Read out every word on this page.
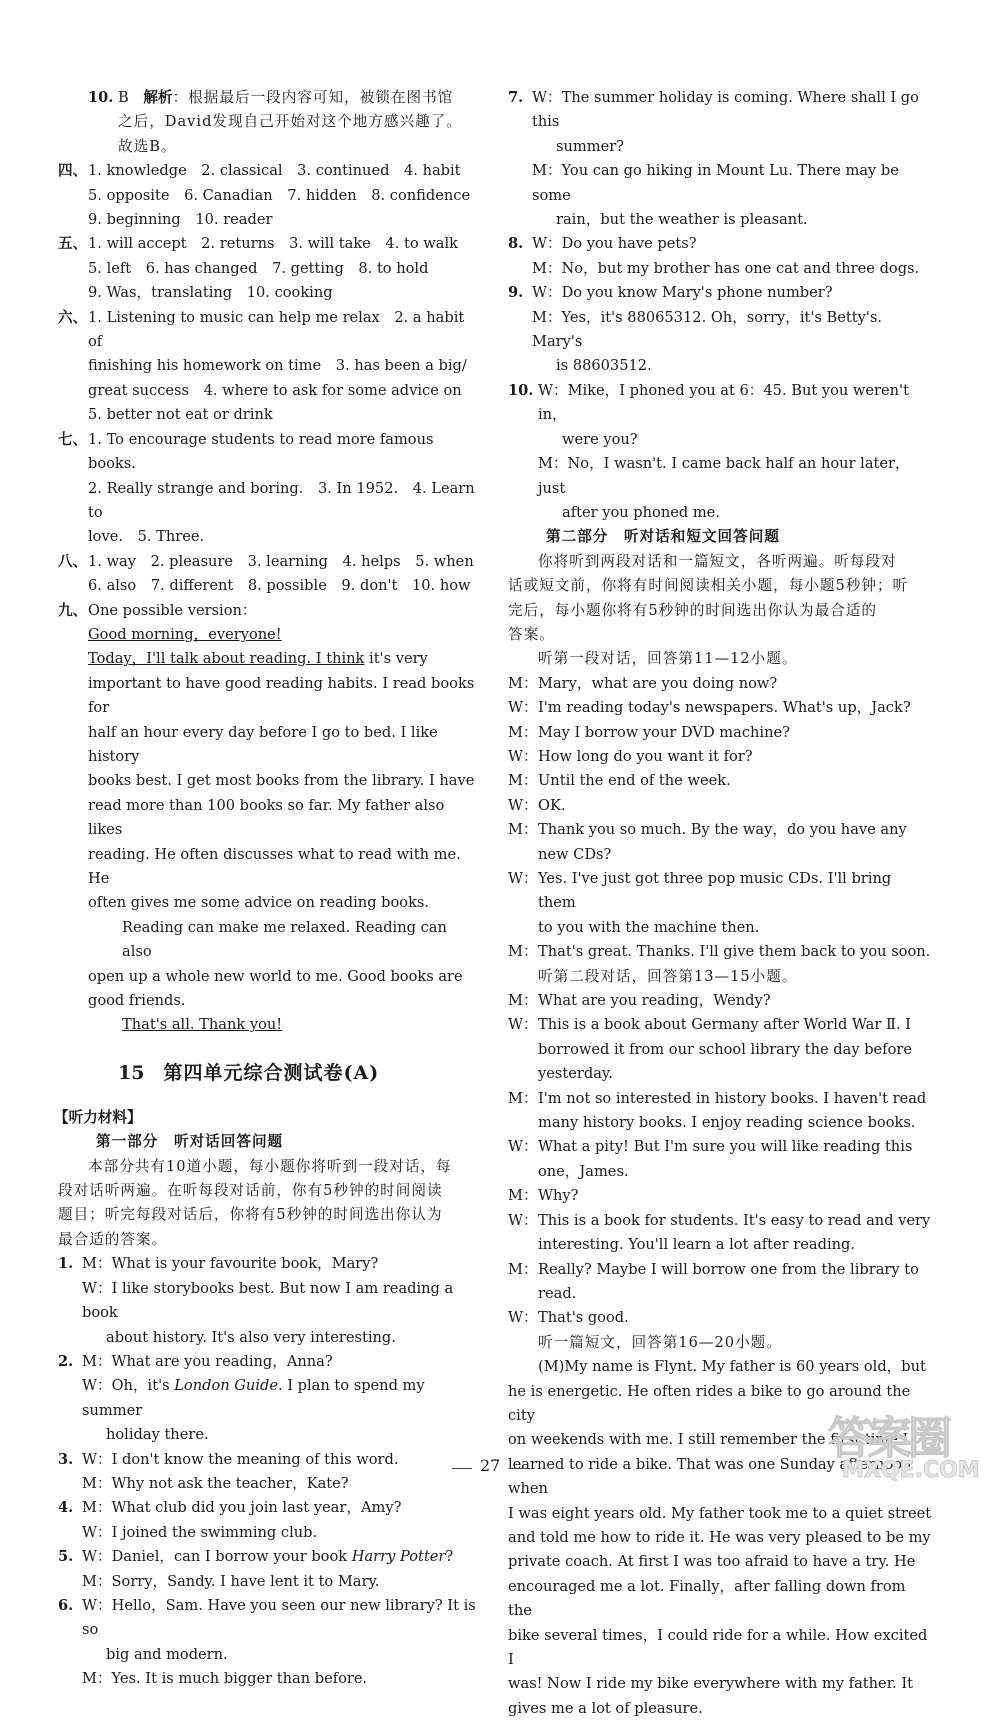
10. B　 解析：根据最后一段内容可知，被锁在图书馆
之后，David发现自己开始对这个地方感兴趣了。
故选B。
四、 1. knowledge　2. classical　3. continued　4. habit
5. opposite　6. Canadian　7. hidden　8. confidence
9. beginning　10. reader
五、 1. will accept　2. returns　3. will take　4. to walk
5. left　6. has changed　7. getting　8. to hold
9. Was，translating　10. cooking
六、 1. Listening to music can help me relax　2. a habit of
finishing his homework on time　3. has been a big/
great success　4. where to ask for some advice on
5. better not eat or drink
七、 1. To encourage students to read more famous books.
2. Really strange and boring.　3. In 1952.　4. Learn to
love.　5. Three.
八、 1. way　2. pleasure　3. learning　4. helps　5. when
6. also　7. different　8. possible　9. don't　10. how
九、 One possible version：
Good morning，everyone!
Today，I'll talk about reading. I think it's very
important to have good reading habits. I read books for
half an hour every day before I go to bed. I like history
books best. I get most books from the library. I have
read more than 100 books so far. My father also likes
reading. He often discusses what to read with me. He
often gives me some advice on reading books.
Reading can make me relaxed. Reading can also
open up a whole new world to me. Good books are
good friends.
That's all. Thank you!
15　 第四单元综合测试卷(A)
【听力材料】
第一部分　听对话回答问题
本部分共有10道小题，每小题你将听到一段对话，每
段对话听两遍。在听每段对话前，你有5秒钟的时间阅读
题目；听完每段对话后，你将有5秒钟的时间选出你认为
最合适的答案。
1. M：What is your favourite book，Mary?
W：I like storybooks best. But now I am reading a book
about history. It's also very interesting.
2. M：What are you reading，Anna?
W：Oh，it's London Guide. I plan to spend my summer
holiday there.
3. W：I don't know the meaning of this word.
M：Why not ask the teacher，Kate?
4. M：What club did you join last year，Amy?
W：I joined the swimming club.
5. W：Daniel，can I borrow your book Harry Potter?
M：Sorry，Sandy. I have lent it to Mary.
6. W：Hello，Sam. Have you seen our new library? It is so
big and modern.
M：Yes. It is much bigger than before.
7. W：The summer holiday is coming. Where shall I go this
summer?
M：You can go hiking in Mount Lu. There may be some
rain，but the weather is pleasant.
8. W：Do you have pets?
M：No，but my brother has one cat and three dogs.
9. W：Do you know Mary's phone number?
M：Yes，it's 88065312. Oh，sorry，it's Betty's. Mary's
is 88603512.
10. W：Mike，I phoned you at 6：45. But you weren't in，
were you?
M：No，I wasn't. I came back half an hour later，just
after you phoned me.
第二部分　听对话和短文回答问题
你将听到两段对话和一篇短文，各听两遍。听每段对
话或短文前，你将有时间阅读相关小题，每小题5秒钟；听
完后，每小题你将有5秒钟的时间选出你认为最合适的
答案。
听第一段对话，回答第11—12小题。
M： Mary，what are you doing now?
W： I'm reading today's newspapers. What's up，Jack?
M： May I borrow your DVD machine?
W： How long do you want it for?
M： Until the end of the week.
W： OK.
M： Thank you so much. By the way，do you have any
new CDs?
W： Yes. I've just got three pop music CDs. I'll bring them
to you with the machine then.
M： That's great. Thanks. I'll give them back to you soon.
听第二段对话，回答第13—15小题。
M： What are you reading，Wendy?
W： This is a book about Germany after World War Ⅱ. I
borrowed it from our school library the day before
yesterday.
M： I'm not so interested in history books. I haven't read
many history books. I enjoy reading science books.
W： What a pity! But I'm sure you will like reading this
one，James.
M： Why?
W： This is a book for students. It's easy to read and very
interesting. You'll learn a lot after reading.
M： Really? Maybe I will borrow one from the library to read.
W： That's good.
听一篇短文，回答第16—20小题。
(M)My name is Flynt. My father is 60 years old，but
he is energetic. He often rides a bike to go around the city
on weekends with me. I still remember the first time I
learned to ride a bike. That was one Sunday afternoon when
I was eight years old. My father took me to a quiet street
and told me how to ride it. He was very pleased to be my
private coach. At first I was too afraid to have a try. He
encouraged me a lot. Finally，after falling down from the
bike several times，I could ride for a while. How excited I
was! Now I ride my bike everywhere with my father. It
gives me a lot of pleasure.
27
答案圈
MXQE.COM
